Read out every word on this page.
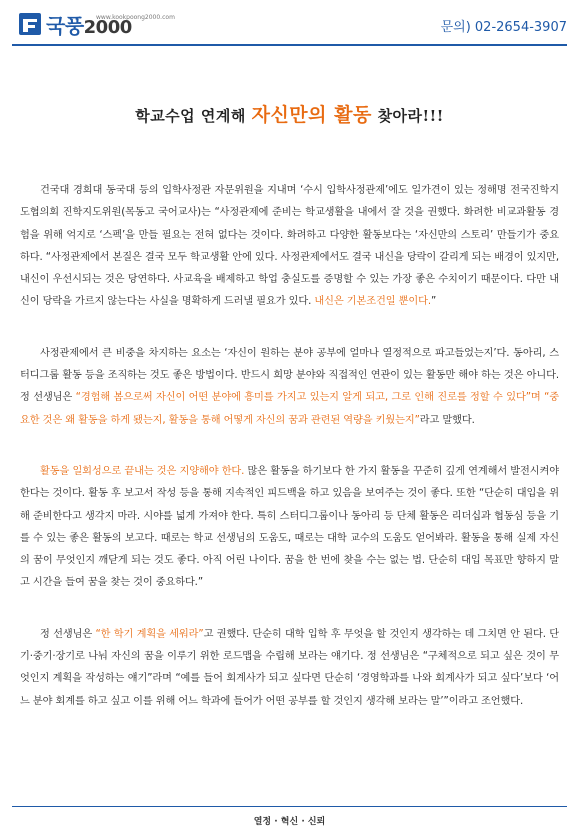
국풍2000
www.kookpoong2000.com
문의) 02-2654-3907
학교수업 연계해 자신만의 활동 찾아라!!!

건국대 경희대 동국대 등의 입학사정관 자문위원을 지내며 ‘수시 입학사정관제’에도 일가견이 있는 정해명 전국진학지도협의회 진학지도위원(목동고 국어교사)는 “사정관제에 준비는 학교생활을 내에서 잘 것을 권했다. 화려한 비교과활동 경험을 위해 억지로 ‘스펙’을 만들 필요는 전혀 없다는 것이다. 화려하고 다양한 활동보다는 ‘자신만의 스토리’ 만들기가 중요하다. “사정관제에서 본질은 결국 모두 학교생활 안에 있다. 사정관제에서도 결국 내신을 당락이 갈리게 되는 배경이 있지만, 내신이 우선시되는 것은 당연하다. 사교육을 배제하고 학업 충실도를 증명할 수 있는 가장 좋은 수치이기 때문이다. 다만 내신이 당락을 가르지 않는다는 사실을 명확하게 드러낼 필요가 있다. 내신은 기본조건일 뿐이다.”

사정관제에서 큰 비중을 차지하는 요소는 ‘자신이 원하는 분야 공부에 얼마나 열정적으로 파고들었는지’다. 동아리, 스터디그룹 활동 등을 조직하는 것도 좋은 방법이다. 반드시 희망 분야와 직접적인 연관이 있는 활동만 해야 하는 것은 아니다. 정 선생님은 “경험해 봄으로써 자신이 어떤 분야에 흥미를 가지고 있는지 알게 되고, 그로 인해 진로를 정할 수 있다”며 “중요한 것은 왜 활동을 하게 됐는지, 활동을 통해 어떻게 자신의 꿈과 관련된 역량을 키웠는지”라고 말했다.

활동을 일회성으로 끝내는 것은 지양해야 한다. 많은 활동을 하기보다 한 가지 활동을 꾸준히 깊게 연계해서 발전시켜야 한다는 것이다. 활동 후 보고서 작성 등을 통해 지속적인 피드백을 하고 있음을 보여주는 것이 좋다. 또한 “단순히 대입을 위해 준비한다고 생각지 마라. 시야를 넓게 가져야 한다. 특히 스터디그룹이나 동아리 등 단체 활동은 리더십과 협동심 등을 기를 수 있는 좋은 활동의 보고다. 때로는 학교 선생님의 도움도, 때로는 대학 교수의 도움도 얻어봐라. 활동을 통해 실제 자신의 꿈이 무엇인지 깨닫게 되는 것도 좋다. 아직 어린 나이다. 꿈을 한 번에 찾을 수는 없는 법. 단순히 대입 목표만 향하지 말고 시간을 들여 꿈을 찾는 것이 중요하다.”

정 선생님은 “한 학기 계획을 세워라”고 권했다. 단순히 대학 입학 후 무엇을 할 것인지 생각하는 데 그치면 안 된다. 단기·중기·장기로 나눠 자신의 꿈을 이루기 위한 로드맵을 수립해 보라는 얘기다. 정 선생님은 “구체적으로 되고 싶은 것이 무엇인지 계획을 작성하는 얘기”라며 “예를 들어 회계사가 되고 싶다면 단순히 ‘경영학과를 나와 회계사가 되고 싶다’보다 ‘어느 분야 회계를 하고 싶고 이를 위해 어느 학과에 들어가 어떤 공부를 할 것인지 생각해 보라는 말’”이라고 조언했다.

열정 · 혁신 · 신뢰
